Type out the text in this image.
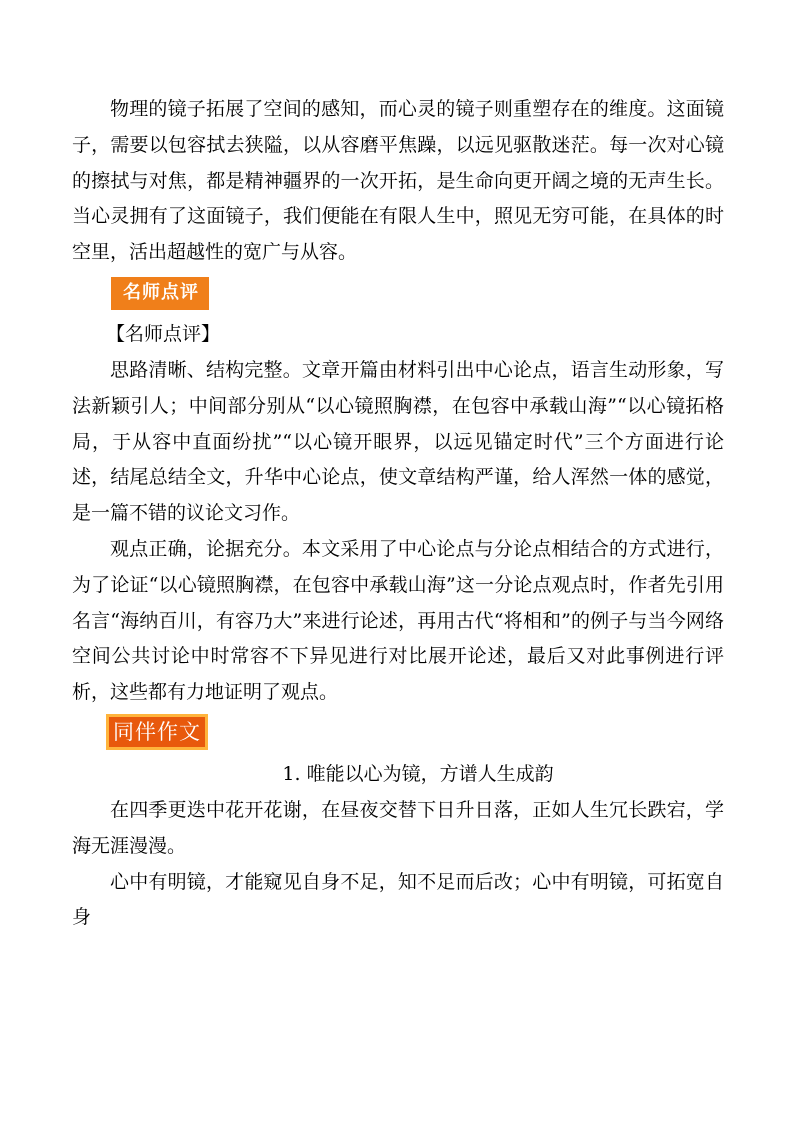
物理的镜子拓展了空间的感知，而心灵的镜子则重塑存在的维度。这面镜子，需要以包容拭去狭隘，以从容磨平焦躁，以远见驱散迷茫。每一次对心镜的擦拭与对焦，都是精神疆界的一次开拓，是生命向更开阔之境的无声生长。当心灵拥有了这面镜子，我们便能在有限人生中，照见无穷可能，在具体的时空里，活出超越性的宽广与从容。

名师点评

【名师点评】

思路清晰、结构完整。文章开篇由材料引出中心论点，语言生动形象，写法新颖引人；中间部分别从“以心镜照胸襟，在包容中承载山海”“以心镜拓格局，于从容中直面纷扰”“以心镜开眼界，以远见锚定时代”三个方面进行论述，结尾总结全文，升华中心论点，使文章结构严谨，给人浑然一体的感觉，是一篇不错的议论文习作。

观点正确，论据充分。本文采用了中心论点与分论点相结合的方式进行，为了论证“以心镜照胸襟，在包容中承载山海”这一分论点观点时，作者先引用名言“海纳百川，有容乃大”来进行论述，再用古代“将相和”的例子与当今网络空间公共讨论中时常容不下异见进行对比展开论述，最后又对此事例进行评析，这些都有力地证明了观点。

同伴作文

1. 唯能以心为镜，方谱人生成韵

在四季更迭中花开花谢，在昼夜交替下日升日落，正如人生冗长跌宕，学海无涯漫漫。

心中有明镜，才能窥见自身不足，知不足而后改；心中有明镜，可拓宽自身
